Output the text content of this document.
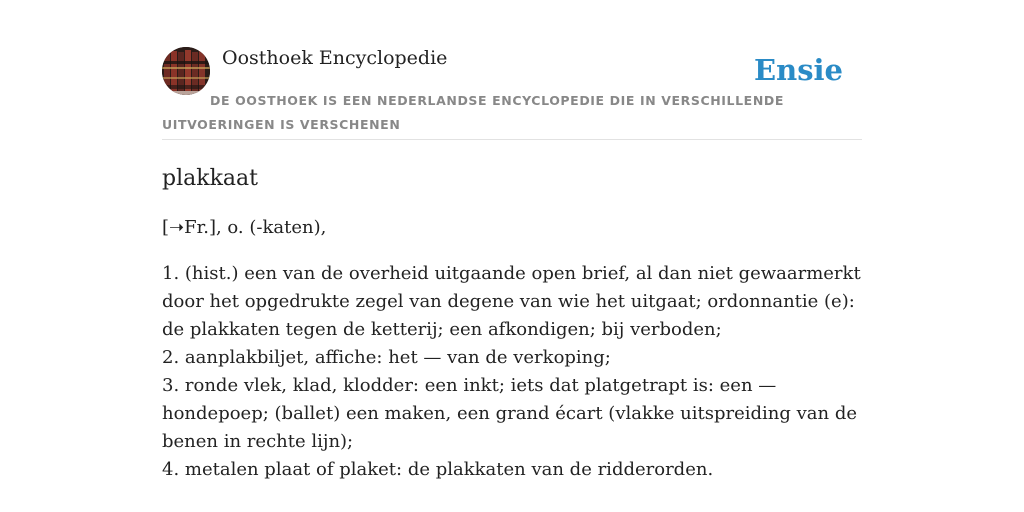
Oosthoek Encyclopedie	Ensie

DE OOSTHOEK IS EEN NEDERLANDSE ENCYCLOPEDIE DIE IN VERSCHILLENDE UITVOERINGEN IS VERSCHENEN

plakkaat

[➝Fr.], o. (-katen),

1. (hist.) een van de overheid uitgaande open brief, al dan niet gewaarmerkt door het opgedrukte zegel van degene van wie het uitgaat; ordonnantie (e): de plakkaten tegen de ketterij; een afkondigen; bij verboden;
2. aanplakbiljet, affiche: het — van de verkoping;
3. ronde vlek, klad, klodder: een inkt; iets dat platgetrapt is: een — hondepoep; (ballet) een maken, een grand écart (vlakke uitspreiding van de benen in rechte lijn);
4. metalen plaat of plaket: de plakkaten van de ridderorden.
